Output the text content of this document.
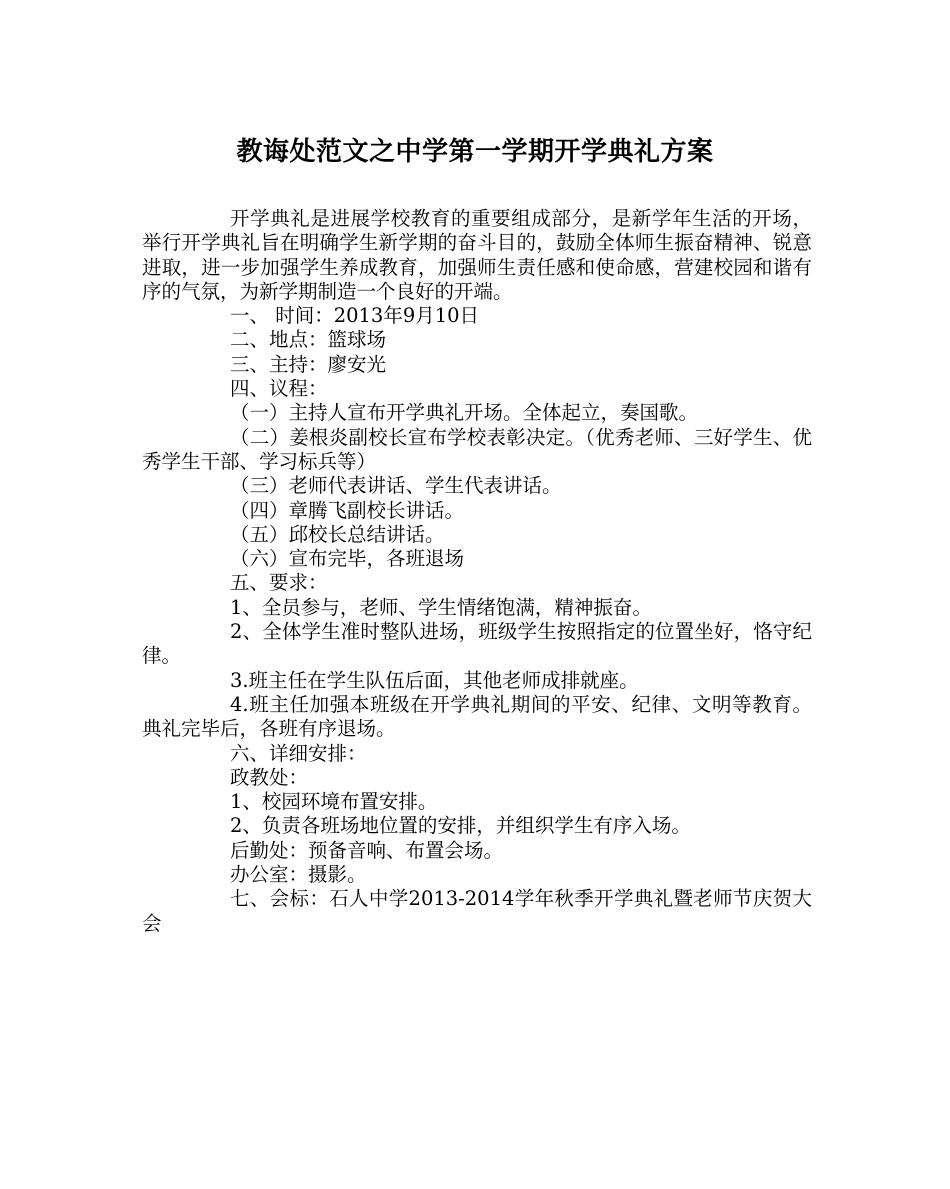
教诲处范文之中学第一学期开学典礼方案

开学典礼是进展学校教育的重要组成部分，是新学年生活的开场，举行开学典礼旨在明确学生新学期的奋斗目的，鼓励全体师生振奋精神、锐意进取，进一步加强学生养成教育，加强师生责任感和使命感，营建校园和谐有序的气氛，为新学期制造一个良好的开端。

一、 时间：2013年9月10日

二、地点：篮球场

三、主持：廖安光

四、议程：

（一）主持人宣布开学典礼开场。全体起立，奏国歌。

（二）姜根炎副校长宣布学校表彰决定。（优秀老师、三好学生、优秀学生干部、学习标兵等）

（三）老师代表讲话、学生代表讲话。

（四）章腾飞副校长讲话。

（五）邱校长总结讲话。

（六）宣布完毕，各班退场

五、要求：

1、全员参与，老师、学生情绪饱满，精神振奋。

2、全体学生准时整队进场，班级学生按照指定的位置坐好，恪守纪律。

3.班主任在学生队伍后面，其他老师成排就座。

4.班主任加强本班级在开学典礼期间的平安、纪律、文明等教育。典礼完毕后，各班有序退场。

六、详细安排：

政教处：

1、校园环境布置安排。

2、负责各班场地位置的安排，并组织学生有序入场。

后勤处：预备音响、布置会场。

办公室：摄影。

七、会标：石人中学2013-2014学年秋季开学典礼暨老师节庆贺大会
